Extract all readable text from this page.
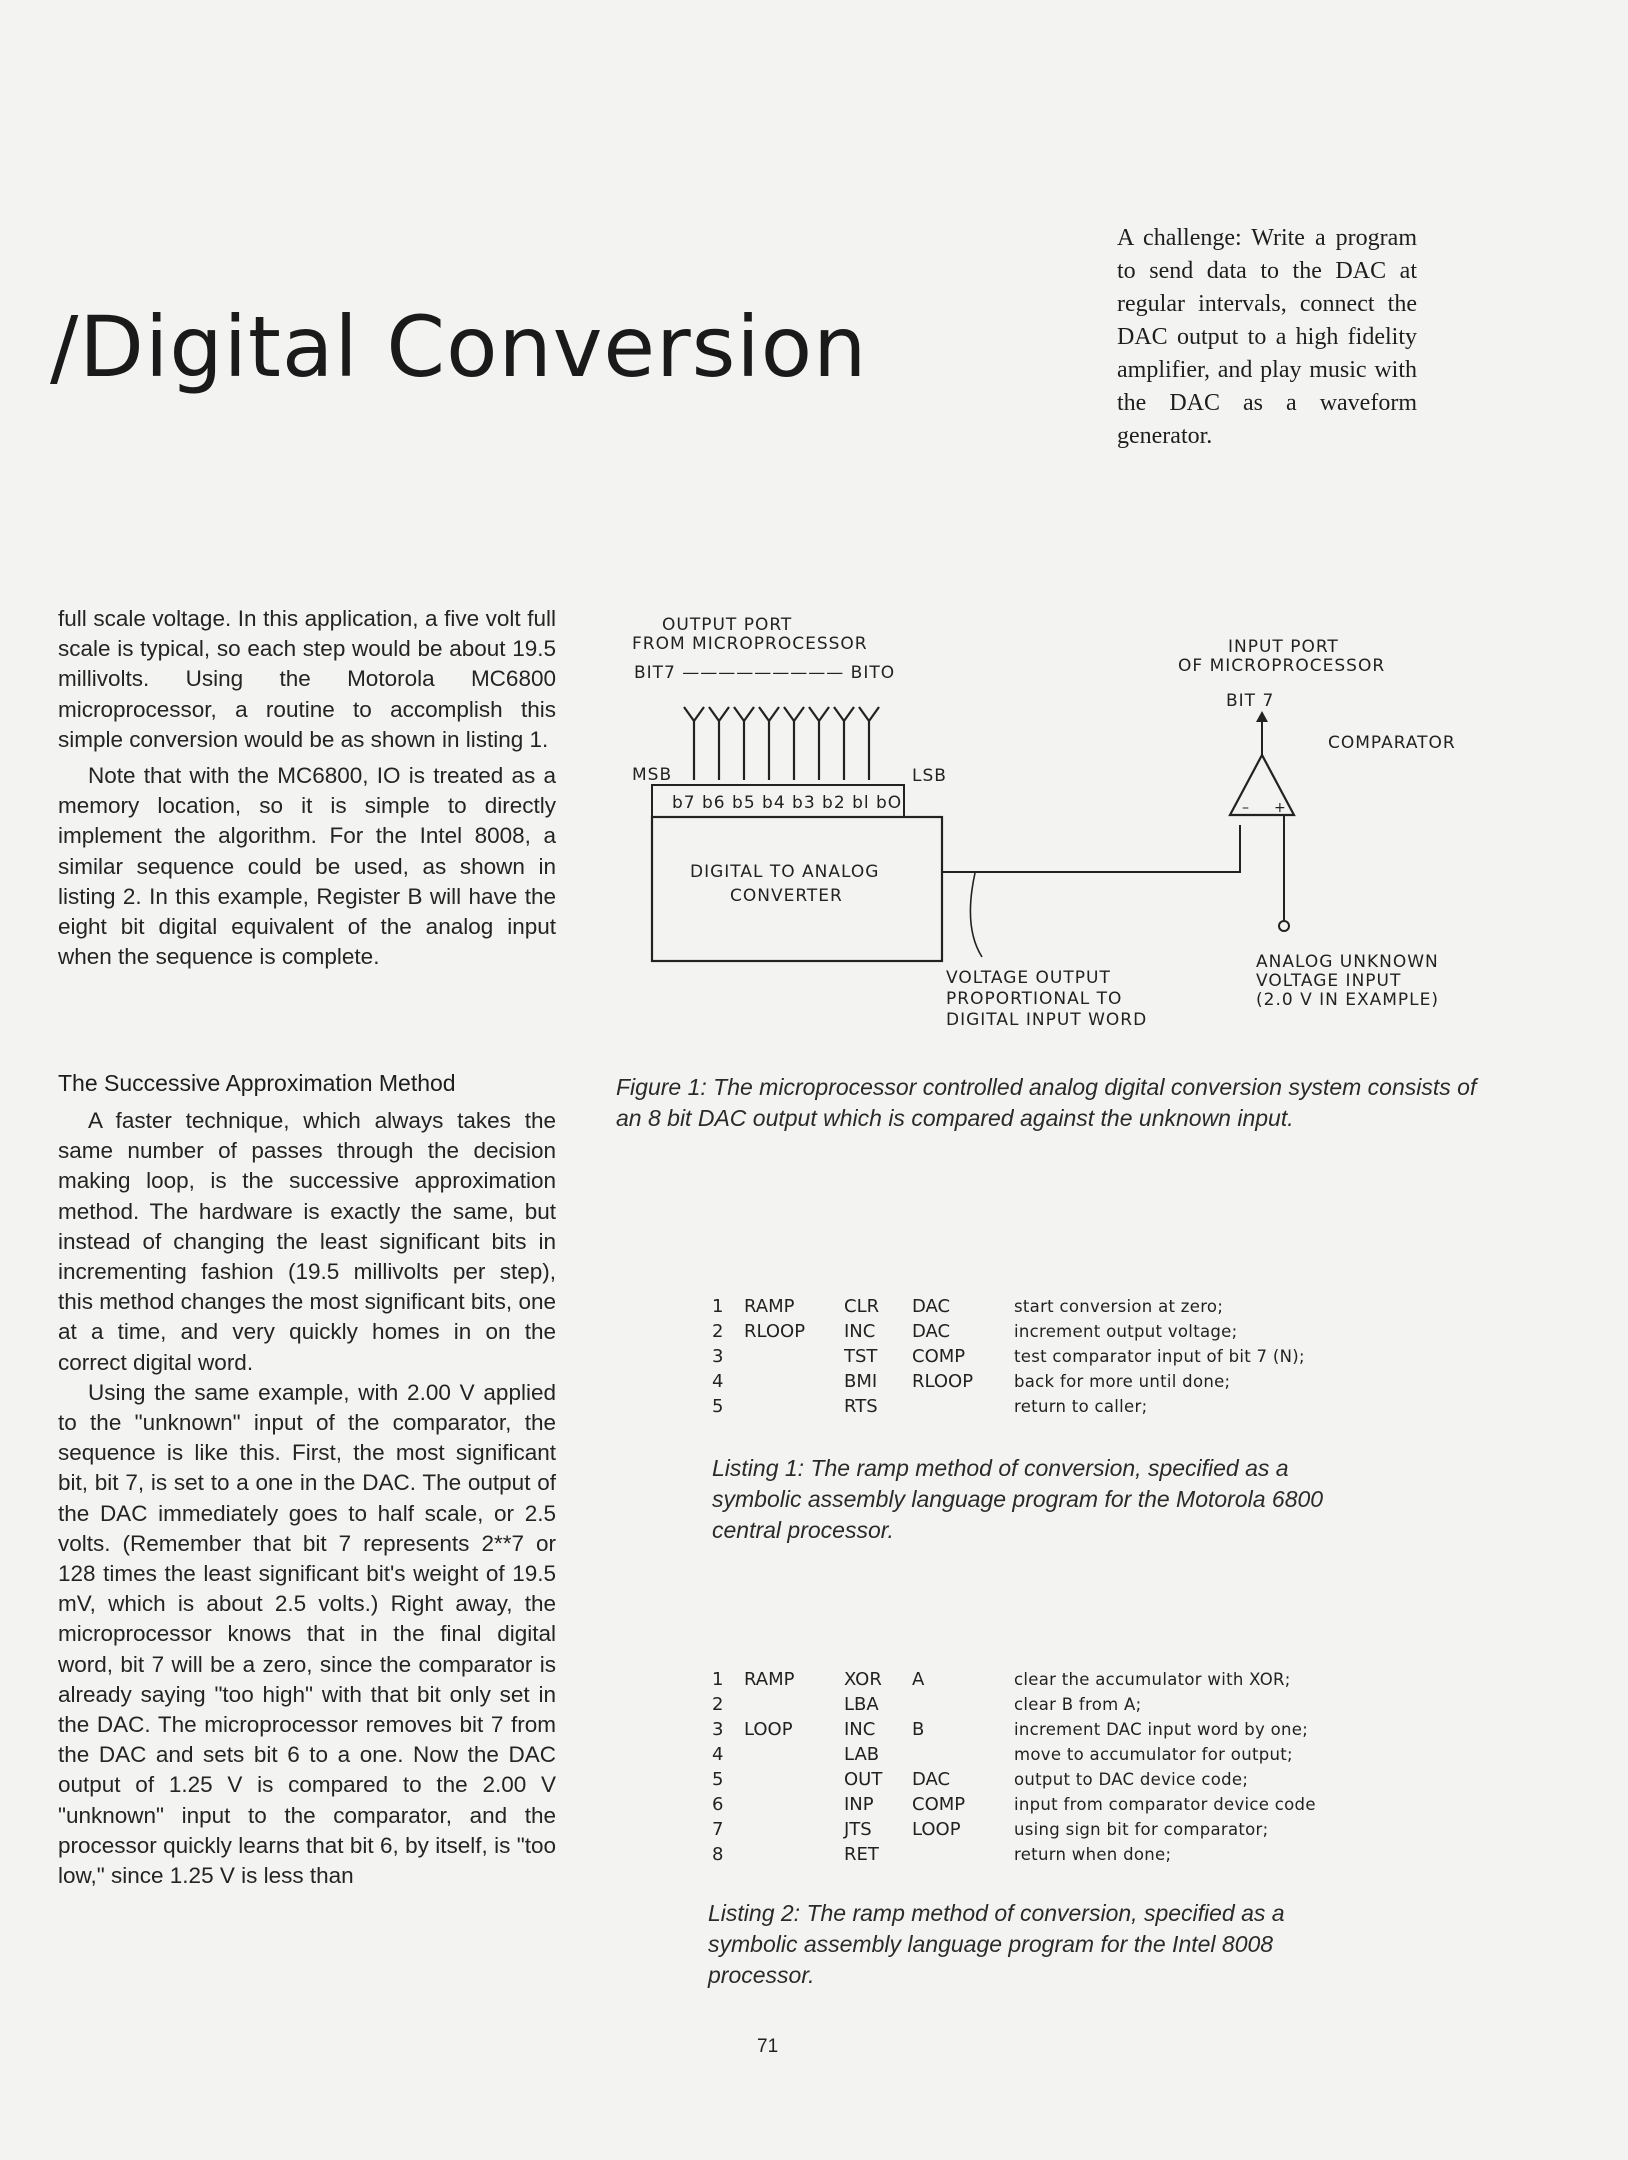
/Digital Conversion

A challenge: Write a program to send data to the DAC at regular intervals, connect the DAC output to a high fidelity amplifier, and play music with the DAC as a waveform generator.

full scale voltage. In this application, a five volt full scale is typical, so each step would be about 19.5 millivolts. Using the Motorola MC6800 microprocessor, a routine to accomplish this simple conversion would be as shown in listing 1.

Note that with the MC6800, IO is treated as a memory location, so it is simple to directly implement the algorithm. For the Intel 8008, a similar sequence could be used, as shown in listing 2. In this example, Register B will have the eight bit digital equivalent of the analog input when the sequence is complete.

The Successive Approximation Method

A faster technique, which always takes the same number of passes through the decision making loop, is the successive approximation method. The hardware is exactly the same, but instead of changing the least significant bits in incrementing fashion (19.5 millivolts per step), this method changes the most significant bits, one at a time, and very quickly homes in on the correct digital word.

Using the same example, with 2.00 V applied to the "unknown" input of the comparator, the sequence is like this. First, the most significant bit, bit 7, is set to a one in the DAC. The output of the DAC immediately goes to half scale, or 2.5 volts. (Remember that bit 7 represents 2**7 or 128 times the least significant bit's weight of 19.5 mV, which is about 2.5 volts.) Right away, the microprocessor knows that in the final digital word, bit 7 will be a zero, since the comparator is already saying "too high" with that bit only set in the DAC. The microprocessor removes bit 7 from the DAC and sets bit 6 to a one. Now the DAC output of 1.25 V is compared to the 2.00 V "unknown" input to the comparator, and the processor quickly learns that bit 6, by itself, is "too low," since 1.25 V is less than

OUTPUT PORT
FROM MICROPROCESSOR
BIT7 ————————— BITO
MSB	LSB
b7 b6 b5 b4 b3 b2 bl bO
DIGITAL TO ANALOG
CONVERTER
– +
INPUT PORT
OF MICROPROCESSOR
BIT 7
COMPARATOR
VOLTAGE OUTPUT
PROPORTIONAL TO
DIGITAL INPUT WORD
ANALOG UNKNOWN
VOLTAGE INPUT
(2.0 V IN EXAMPLE)

Figure 1: The microprocessor controlled analog digital conversion system consists of an 8 bit DAC output which is compared against the unknown input.

1	RAMP	CLR	DAC	start conversion at zero;
2	RLOOP	INC	DAC	increment output voltage;
3		TST	COMP	test comparator input of bit 7 (N);
4		BMI	RLOOP	back for more until done;
5		RTS		return to caller;

Listing 1: The ramp method of conversion, specified as a symbolic assembly language program for the Motorola 6800 central processor.

1	RAMP	XOR	A	clear the accumulator with XOR;
2		LBA		clear B from A;
3	LOOP	INC	B	increment DAC input word by one;
4		LAB		move to accumulator for output;
5		OUT	DAC	output to DAC device code;
6		INP	COMP	input from comparator device code
7		JTS	LOOP	using sign bit for comparator;
8		RET		return when done;

Listing 2: The ramp method of conversion, specified as a symbolic assembly language program for the Intel 8008 processor.

71
